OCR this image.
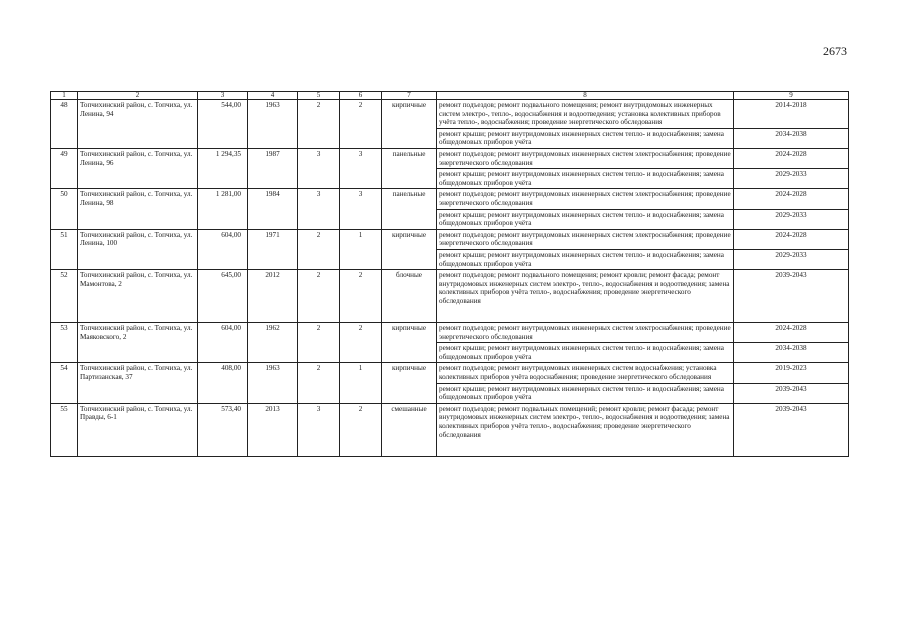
2673
1	2	3	4	5	6	7	8	9
48	Топчихинский район, с. Топчиха, ул. Ленина, 94	544,00	1963	2	2	кирпичные	ремонт подъездов; ремонт подвального помещения; ремонт внутридомовых инженерных систем электро-, тепло-, водоснабжения и водоотведения; установка колективных приборов учёта тепло-, водоснабжения; проведение энергетического обследования	2014-2018
							ремонт крыши; ремонт внутридомовых инженерных систем тепло- и водоснабжения; замена общедомовых приборов учёта	2034-2038
49	Топчихинский район, с. Топчиха, ул. Ленина, 96	1 294,35	1987	3	3	панельные	ремонт подъездов; ремонт внутридомовых инженерных систем электроснабжения; проведение энергетического обследования	2024-2028
							ремонт крыши; ремонт внутридомовых инженерных систем тепло- и водоснабжения; замена общедомовых приборов учёта	2029-2033
50	Топчихинский район, с. Топчиха, ул. Ленина, 98	1 281,00	1984	3	3	панельные	ремонт подъездов; ремонт внутридомовых инженерных систем электроснабжения; проведение энергетического обследования	2024-2028
							ремонт крыши; ремонт внутридомовых инженерных систем тепло- и водоснабжения; замена общедомовых приборов учёта	2029-2033
51	Топчихинский район, с. Топчиха, ул. Ленина, 100	604,00	1971	2	1	кирпичные	ремонт подъездов; ремонт внутридомовых инженерных систем электроснабжения; проведение энергетического обследования	2024-2028
							ремонт крыши; ремонт внутридомовых инженерных систем тепло- и водоснабжения; замена общедомовых приборов учёта	2029-2033
52	Топчихинский район, с. Топчиха, ул. Мамонтова, 2	645,00	2012	2	2	блочные	ремонт подъездов; ремонт подвального помещения; ремонт кровли; ремонт фасада; ремонт внутридомовых инженерных систем электро-, тепло-, водоснабжения и водоотведения; замена колективных приборов учёта тепло-, водоснабжения; проведение энергетического обследования	2039-2043
53	Топчихинский район, с. Топчиха, ул. Маяковского, 2	604,00	1962	2	2	кирпичные	ремонт подъездов; ремонт внутридомовых инженерных систем электроснабжения; проведение энергетического обследования	2024-2028
							ремонт крыши; ремонт внутридомовых инженерных систем тепло- и водоснабжения; замена общедомовых приборов учёта	2034-2038
54	Топчихинский район, с. Топчиха, ул. Партизанская, 37	408,00	1963	2	1	кирпичные	ремонт подъездов; ремонт внутридомовых инженерных систем водоснабжения; установка колективных приборов учёта водоснабжения; проведение энергетического обследования	2019-2023
							ремонт крыши; ремонт внутридомовых инженерных систем тепло- и водоснабжения; замена общедомовых приборов учёта	2039-2043
55	Топчихинский район, с. Топчиха, ул. Правды, 6-1	573,40	2013	3	2	смешанные	ремонт подъездов; ремонт подвальных помещений; ремонт кровли; ремонт фасада; ремонт внутридомовых инженерных систем электро-, тепло-, водоснабжения и водоотведения; замена колективных приборов учёта тепло-, водоснабжения; проведение энергетического обследования	2039-2043
